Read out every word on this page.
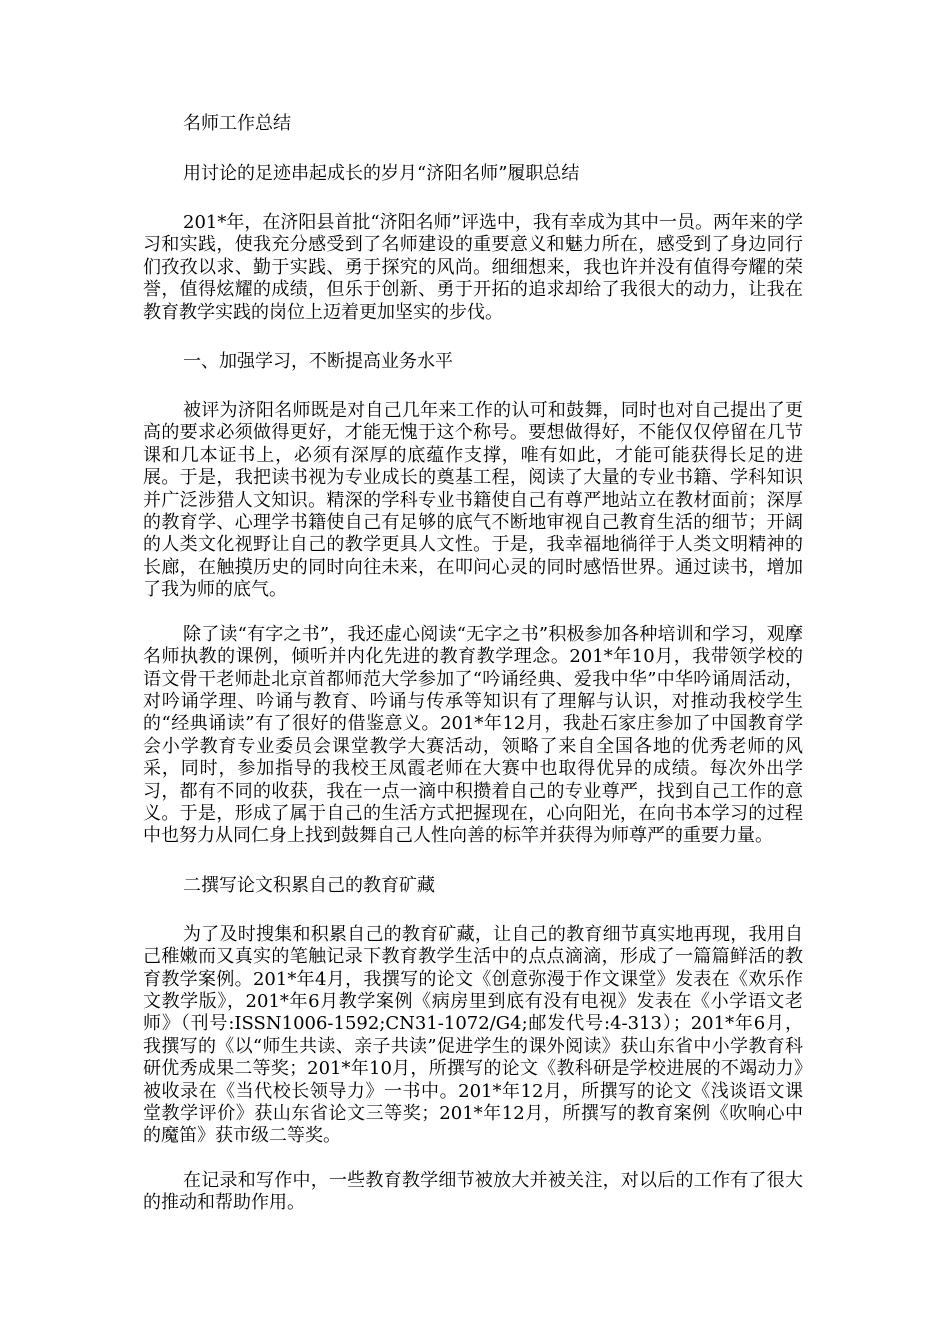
名师工作总结

用讨论的足迹串起成长的岁月“济阳名师”履职总结

201*年，在济阳县首批“济阳名师”评选中，我有幸成为其中一员。两年来的学习和实践，使我充分感受到了名师建设的重要意义和魅力所在，感受到了身边同行们孜孜以求、勤于实践、勇于探究的风尚。细细想来，我也许并没有值得夸耀的荣誉，值得炫耀的成绩，但乐于创新、勇于开拓的追求却给了我很大的动力，让我在教育教学实践的岗位上迈着更加坚实的步伐。

一、加强学习，不断提高业务水平

被评为济阳名师既是对自己几年来工作的认可和鼓舞，同时也对自己提出了更高的要求必须做得更好，才能无愧于这个称号。要想做得好，不能仅仅停留在几节课和几本证书上，必须有深厚的底蕴作支撑，唯有如此，才能可能获得长足的进展。于是，我把读书视为专业成长的奠基工程，阅读了大量的专业书籍、学科知识并广泛涉猎人文知识。精深的学科专业书籍使自己有尊严地站立在教材面前；深厚的教育学、心理学书籍使自己有足够的底气不断地审视自己教育生活的细节；开阔的人类文化视野让自己的教学更具人文性。于是，我幸福地徜徉于人类文明精神的长廊，在触摸历史的同时向往未来，在叩问心灵的同时感悟世界。通过读书，增加了我为师的底气。

除了读“有字之书”，我还虚心阅读“无字之书”积极参加各种培训和学习，观摩名师执教的课例，倾听并内化先进的教育教学理念。201*年10月，我带领学校的语文骨干老师赴北京首都师范大学参加了“吟诵经典、爱我中华”中华吟诵周活动，对吟诵学理、吟诵与教育、吟诵与传承等知识有了理解与认识，对推动我校学生的“经典诵读”有了很好的借鉴意义。201*年12月，我赴石家庄参加了中国教育学会小学教育专业委员会课堂教学大赛活动，领略了来自全国各地的优秀老师的风采，同时，参加指导的我校王凤霞老师在大赛中也取得优异的成绩。每次外出学习，都有不同的收获，我在一点一滴中积攒着自己的专业尊严，找到自己工作的意义。于是，形成了属于自己的生活方式把握现在，心向阳光，在向书本学习的过程中也努力从同仁身上找到鼓舞自己人性向善的标竿并获得为师尊严的重要力量。

二撰写论文积累自己的教育矿藏

为了及时搜集和积累自己的教育矿藏，让自己的教育细节真实地再现，我用自己稚嫩而又真实的笔触记录下教育教学生活中的点点滴滴，形成了一篇篇鲜活的教育教学案例。201*年4月，我撰写的论文《创意弥漫于作文课堂》发表在《欢乐作文教学版》，201*年6月教学案例《病房里到底有没有电视》发表在《小学语文老师》（刊号:ISSN1006-1592;CN31-1072/G4;邮发代号:4-313）；201*年6月，我撰写的《以“师生共读、亲子共读”促进学生的课外阅读》获山东省中小学教育科研优秀成果二等奖；201*年10月，所撰写的论文《教科研是学校进展的不竭动力》被收录在《当代校长领导力》一书中。201*年12月，所撰写的论文《浅谈语文课堂教学评价》获山东省论文三等奖；201*年12月，所撰写的教育案例《吹响心中的魔笛》获市级二等奖。

在记录和写作中，一些教育教学细节被放大并被关注，对以后的工作有了很大的推动和帮助作用。
